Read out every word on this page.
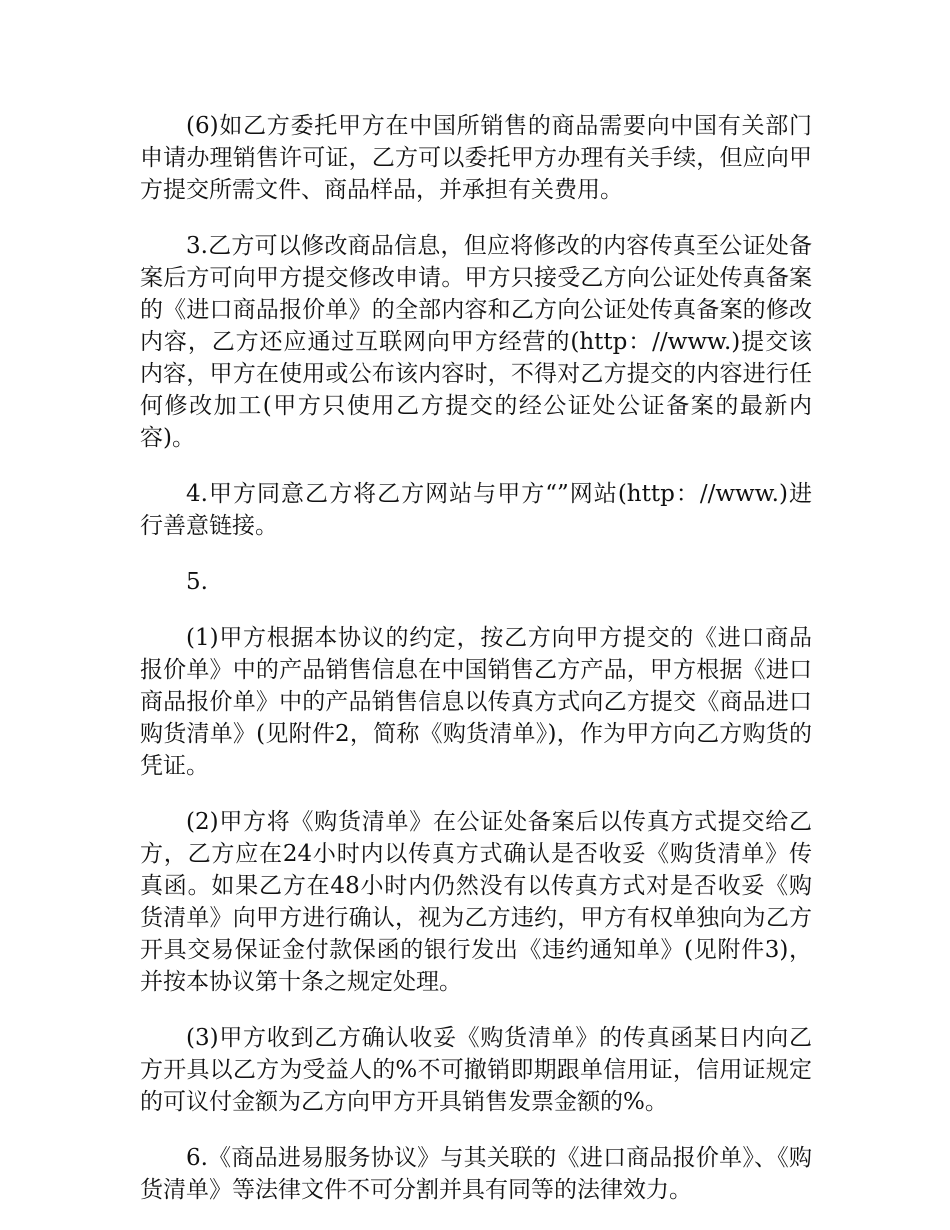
(6)如乙方委托甲方在中国所销售的商品需要向中国有关部门申请办理销售许可证，乙方可以委托甲方办理有关手续，但应向甲方提交所需文件、商品样品，并承担有关费用。

3.乙方可以修改商品信息，但应将修改的内容传真至公证处备案后方可向甲方提交修改申请。甲方只接受乙方向公证处传真备案的《进口商品报价单》的全部内容和乙方向公证处传真备案的修改内容，乙方还应通过互联网向甲方经营的(http：//www.)提交该内容，甲方在使用或公布该内容时，不得对乙方提交的内容进行任何修改加工(甲方只使用乙方提交的经公证处公证备案的最新内容)。

4.甲方同意乙方将乙方网站与甲方“”网站(http：//www.)进行善意链接。

5.

(1)甲方根据本协议的约定，按乙方向甲方提交的《进口商品报价单》中的产品销售信息在中国销售乙方产品，甲方根据《进口商品报价单》中的产品销售信息以传真方式向乙方提交《商品进口购货清单》(见附件2，简称《购货清单》)，作为甲方向乙方购货的凭证。

(2)甲方将《购货清单》在公证处备案后以传真方式提交给乙方，乙方应在24小时内以传真方式确认是否收妥《购货清单》传真函。如果乙方在48小时内仍然没有以传真方式对是否收妥《购货清单》向甲方进行确认，视为乙方违约，甲方有权单独向为乙方开具交易保证金付款保函的银行发出《违约通知单》(见附件3)，并按本协议第十条之规定处理。

(3)甲方收到乙方确认收妥《购货清单》的传真函某日内向乙方开具以乙方为受益人的%不可撤销即期跟单信用证，信用证规定的可议付金额为乙方向甲方开具销售发票金额的%。

6.《商品进易服务协议》与其关联的《进口商品报价单》、《购货清单》等法律文件不可分割并具有同等的法律效力。
